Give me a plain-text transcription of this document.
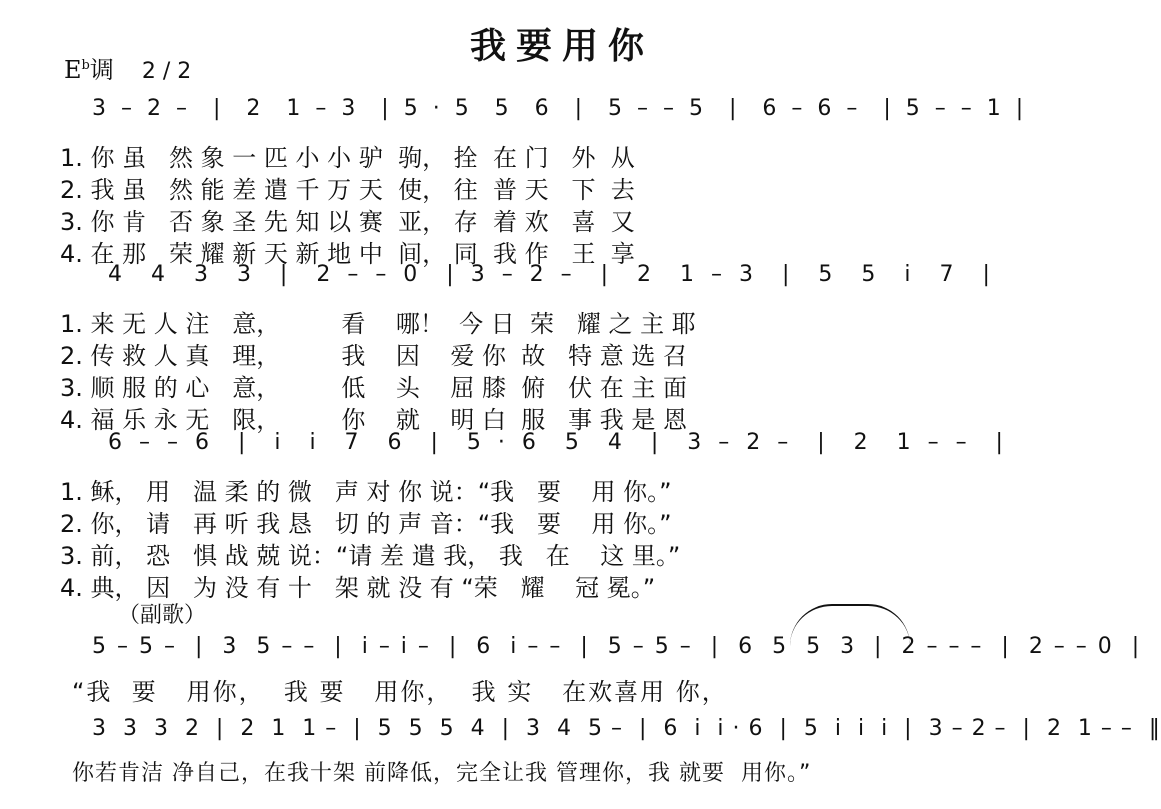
我要用你
$E^b$调 2 / 2
3 – 2 –  |  2  1 – 3  | 5 · 5  5  6  |  5 – – 5  |  6 – 6 –  | 5 – – 1 |
1. 你 虽   然 象 一 匹 小 小 驴  驹， 拴  在 门   外  从
2. 我 虽   然 能 差 遣 千 万 天  使， 往  普 天   下  去
3. 你 肯   否 象 圣 先 知 以 赛  亚， 存  着 欢   喜  又
4. 在 那   荣 耀 新 天 新 地 中  间， 同  我 作   王  享
4  4  3  3  |  2 – – 0  | 3 – 2 –  |  2  1 – 3  |  5  5  i  7  |
1. 来 无 人 注   意，        看    哪！  今 日  荣   耀 之 主 耶
2. 传 救 人 真   理，        我    因    爱 你  故   特 意 选 召
3. 顺 服 的 心   意，        低    头    屈 膝  俯   伏 在 主 面
4. 福 乐 永 无   限，        你    就    明 白  服   事 我 是 恩
6 – – 6  |  i  i  7  6  |  5 · 6  5  4  |  3 – 2 –  |  2  1 – –  |
1. 稣， 用   温 柔 的 微   声 对 你 说：“我   要    用 你。”
2. 你， 请   再 听 我 恳   切 的 声 音：“我   要    用 你。”
3. 前， 恐   惧 战 兢 说：“请 差 遣 我， 我   在    这 里。”
4. 典， 因   为 没 有 十   架 就 没 有 “荣   耀    冠 冕。”
（副歌）
5 – 5 –  |  3  5 – –  |  i – i –  |  6  i – –  |  5 – 5 –  |  6  5  5  3  |  2 – – –  |  2 – – 0  |
“我  要   用你，  我 要   用你，  我 实   在欢喜用 你，
3  3  3  2  |  2  1  1 –  |  5  5  5  4  |  3  4  5 –  |  6  i  i · 6  |  5  i  i  i  |  3 – 2 –  |  2  1 – –  ‖
你若肯洁 净自己，在我十架 前降低，完全让我 管理你，我 就要  用你。”
